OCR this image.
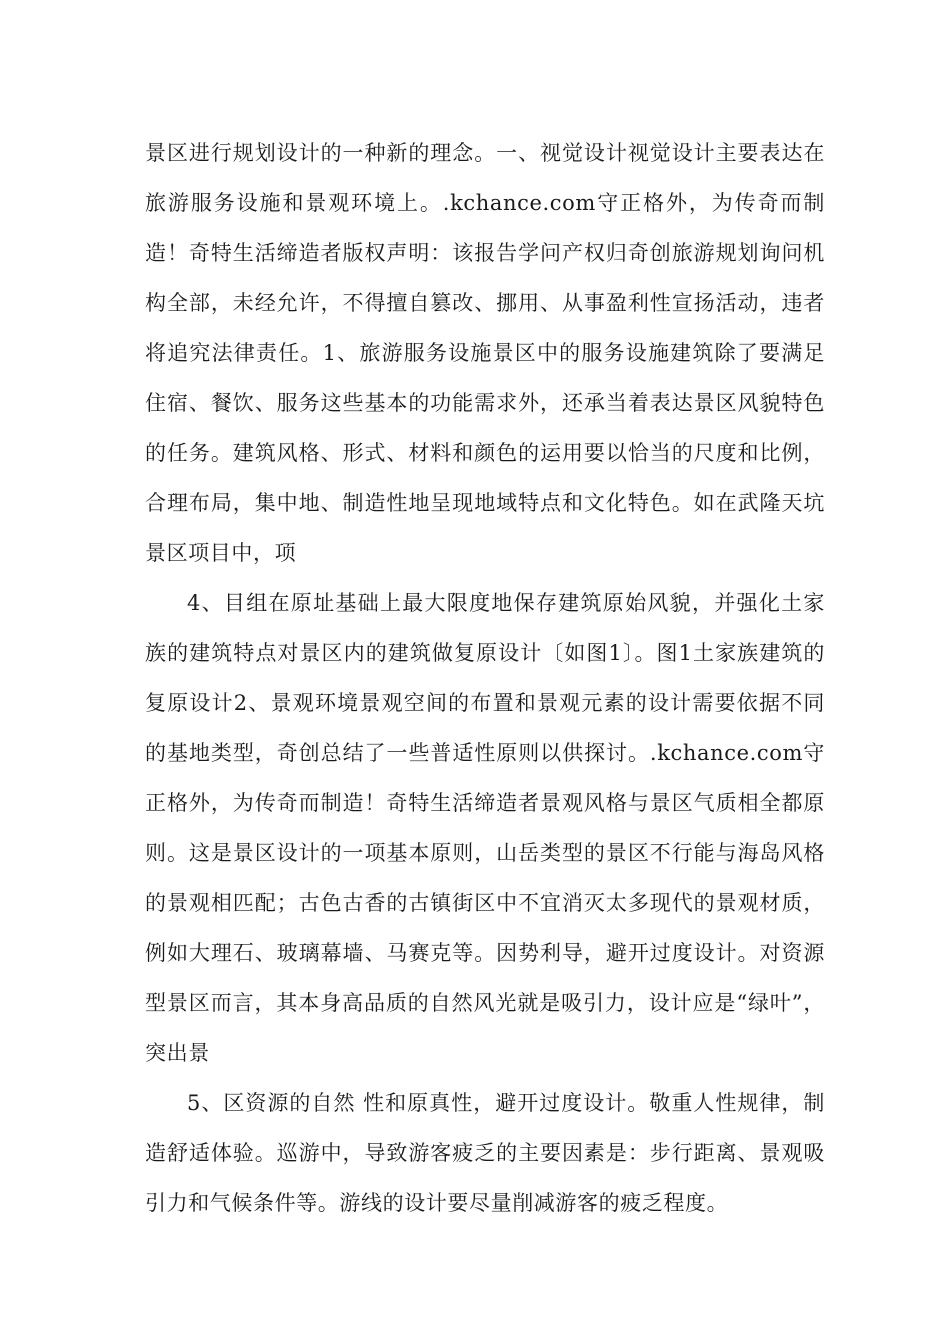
景区进行规划设计的一种新的理念。一、视觉设计视觉设计主要表达在旅游服务设施和景观环境上。.kchance.com守正格外，为传奇而制造！奇特生活缔造者版权声明：该报告学问产权归奇创旅游规划询问机构全部，未经允许，不得擅自篡改、挪用、从事盈利性宣扬活动，违者将追究法律责任。1、旅游服务设施景区中的服务设施建筑除了要满足住宿、餐饮、服务这些基本的功能需求外，还承当着表达景区风貌特色的任务。建筑风格、形式、材料和颜色的运用要以恰当的尺度和比例，合理布局，集中地、制造性地呈现地域特点和文化特色。如在武隆天坑景区项目中，项

4、目组在原址基础上最大限度地保存建筑原始风貌，并强化土家族的建筑特点对景区内的建筑做复原设计〔如图1〕。图1土家族建筑的复原设计2、景观环境景观空间的布置和景观元素的设计需要依据不同的基地类型，奇创总结了一些普适性原则以供探讨。.kchance.com守正格外，为传奇而制造！奇特生活缔造者景观风格与景区气质相全都原则。这是景区设计的一项基本原则，山岳类型的景区不行能与海岛风格的景观相匹配；古色古香的古镇街区中不宜消灭太多现代的景观材质，例如大理石、玻璃幕墙、马赛克等。因势利导，避开过度设计。对资源型景区而言，其本身高品质的自然风光就是吸引力，设计应是“绿叶”，突出景

5、区资源的自然 性和原真性，避开过度设计。敬重人性规律，制造舒适体验。巡游中，导致游客疲乏的主要因素是：步行距离、景观吸引力和气候条件等。游线的设计要尽量削减游客的疲乏程度。
